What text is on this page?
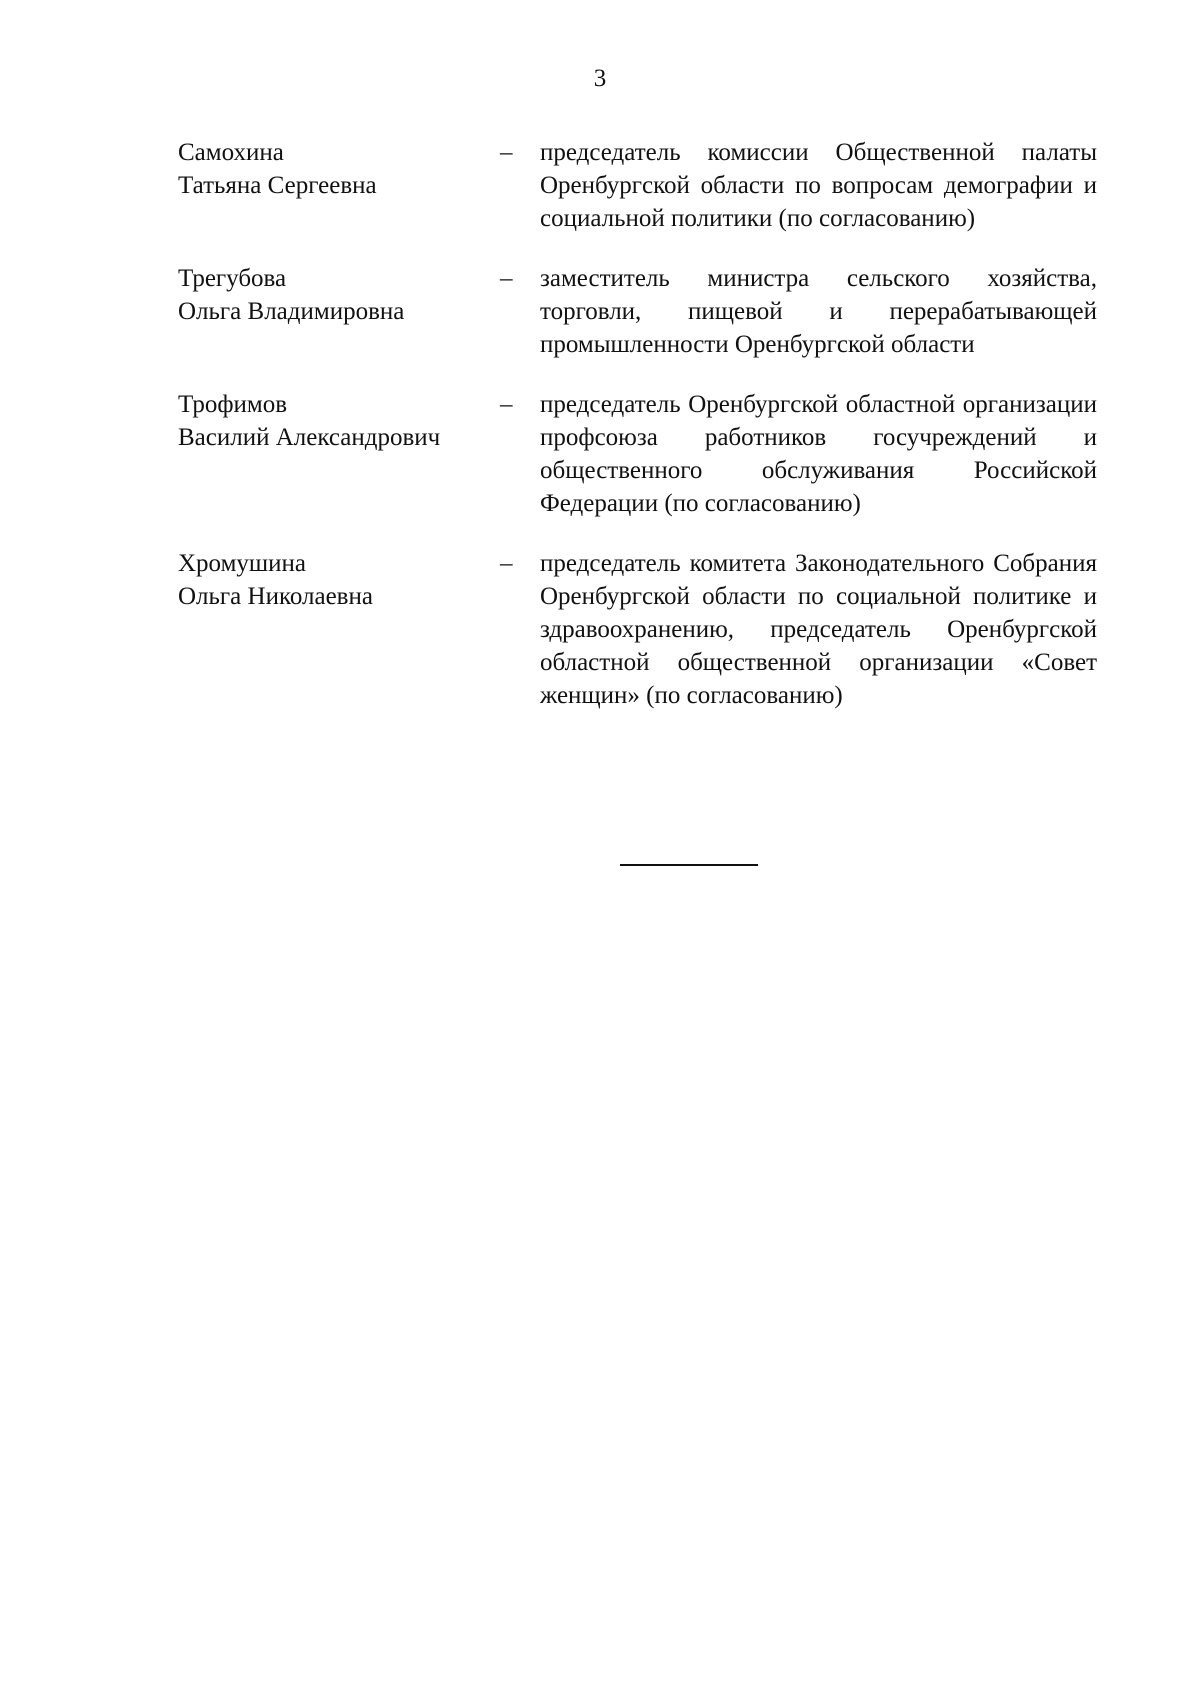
3
Самохина
Татьяна Сергеевна
–	председатель комиссии Общественной палаты Оренбургской области по вопросам демографии и социальной политики (по согласованию)
Трегубова
Ольга Владимировна
–	заместитель министра сельского хозяйства, торговли, пищевой и перерабатывающей промышленности Оренбургской области
Трофимов
Василий Александрович
–	председатель Оренбургской областной организации профсоюза работников госучреждений и общественного обслуживания Российской Федерации (по согласованию)
Хромушина
Ольга Николаевна
–	председатель комитета Законодательного Собрания Оренбургской области по социальной политике и здравоохранению, председатель Оренбургской областной общественной организации «Совет женщин» (по согласованию)
